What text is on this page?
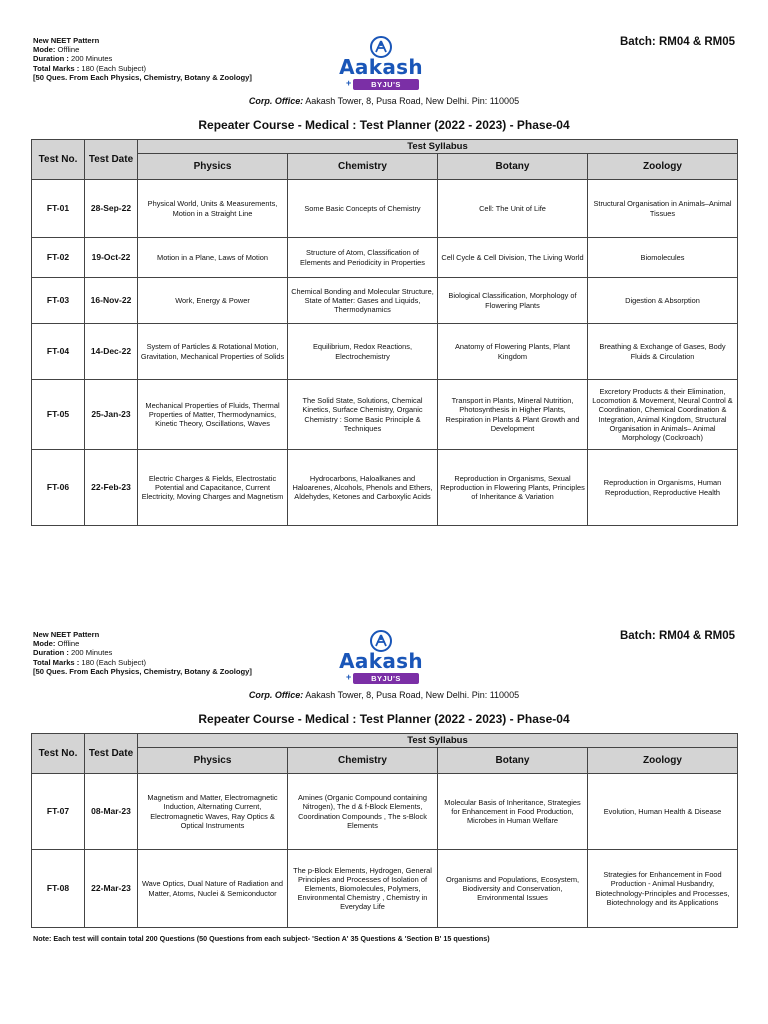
New NEET Pattern
Mode: Offline
Duration : 200 Minutes
Total Marks : 180 (Each Subject)
[50 Ques. From Each Physics, Chemistry, Botany & Zoology]	Aakash
+	BYJU'S
Batch: RM04 & RM05
Corp. Office: Aakash Tower, 8, Pusa Road, New Delhi. Pin: 110005
Repeater Course - Medical : Test Planner (2022 - 2023) - Phase-04
Test No.	Test Date	Test Syllabus			
		Physics	Chemistry	Botany	Zoology
FT-01	28-Sep-22	Physical World, Units & Measurements, Motion in a Straight Line	Some Basic Concepts of Chemistry	Cell: The Unit of Life	Structural Organisation in Animals–Animal Tissues
FT-02	19-Oct-22	Motion in a Plane, Laws of Motion	Structure of Atom, Classification of Elements and Periodicity in Properties	Cell Cycle & Cell Division, The Living World	Biomolecules
FT-03	16-Nov-22	Work, Energy & Power	Chemical Bonding and Molecular Structure, State of Matter: Gases and Liquids, Thermodynamics	Biological Classification, Morphology of Flowering Plants	Digestion & Absorption
FT-04	14-Dec-22	System of Particles & Rotational Motion, Gravitation, Mechanical Properties of Solids	Equilibrium, Redox Reactions, Electrochemistry	Anatomy of Flowering Plants, Plant Kingdom	Breathing & Exchange of Gases, Body Fluids & Circulation
FT-05	25-Jan-23	Mechanical Properties of Fluids, Thermal Properties of Matter, Thermodynamics, Kinetic Theory, Oscillations, Waves	The Solid State, Solutions, Chemical Kinetics, Surface Chemistry, Organic Chemistry : Some Basic Principle & Techniques	Transport in Plants, Mineral Nutrition, Photosynthesis in Higher Plants, Respiration in Plants & Plant Growth and Development	Excretory Products & their Elimination, Locomotion & Movement, Neural Control & Coordination, Chemical Coordination & Integration, Animal Kingdom, Structural Organisation in Animals– Animal Morphology (Cockroach)
FT-06	22-Feb-23	Electric Charges & Fields, Electrostatic Potential and Capacitance, Current Electricity, Moving Charges and Magnetism	Hydrocarbons, Haloalkanes and Haloarenes, Alcohols, Phenols and Ethers, Aldehydes, Ketones and Carboxylic Acids	Reproduction in Organisms, Sexual Reproduction in Flowering Plants, Principles of Inheritance & Variation	Reproduction in Organisms, Human Reproduction, Reproductive Health
New NEET Pattern
Mode: Offline
Duration : 200 Minutes
Total Marks : 180 (Each Subject)
[50 Ques. From Each Physics, Chemistry, Botany & Zoology]	Aakash
+	BYJU'S
Batch: RM04 & RM05
Corp. Office: Aakash Tower, 8, Pusa Road, New Delhi. Pin: 110005
Repeater Course - Medical : Test Planner (2022 - 2023) - Phase-04
Test No.	Test Date	Test Syllabus			
		Physics	Chemistry	Botany	Zoology
FT-07	08-Mar-23	Magnetism and Matter, Electromagnetic Induction, Alternating Current, Electromagnetic Waves, Ray Optics & Optical Instruments	Amines (Organic Compound containing Nitrogen), The d & f-Block Elements, Coordination Compounds , The s-Block Elements	Molecular Basis of Inheritance, Strategies for Enhancement in Food Production, Microbes in Human Welfare	Evolution, Human Health & Disease
FT-08	22-Mar-23	Wave Optics, Dual Nature of Radiation and Matter, Atoms, Nuclei & Semiconductor	The p-Block Elements, Hydrogen, General Principles and Processes of Isolation of Elements, Biomolecules, Polymers, Environmental Chemistry , Chemistry in Everyday Life	Organisms and Populations, Ecosystem, Biodiversity and Conservation, Environmental Issues	Strategies for Enhancement in Food Production - Animal Husbandry, Biotechnology-Principles and Processes, Biotechnology and its Applications
Note: Each test will contain total 200 Questions (50 Questions from each subject- 'Section A' 35 Questions & 'Section B' 15 questions)
